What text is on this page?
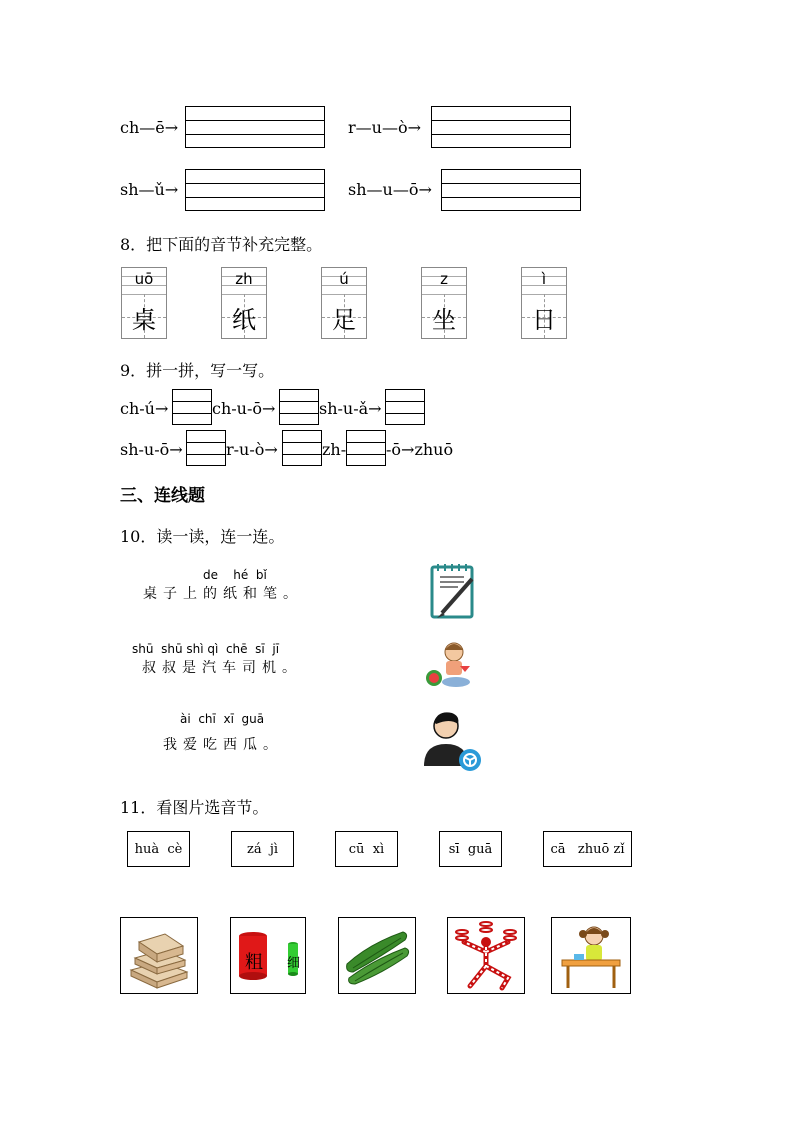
ch—ē→	r—u—ò→
sh—ǔ→	sh—u—ō→
8．把下面的音节补充完整。
uō
桌
zh
纸
ú
足
z
坐
ì
日
9．拼一拼，写一写。
ch-ú→	ch-u-ō→	sh-u-ǎ→
sh-u-ō→	r-u-ò→	zh- -ō→zhuō
三、连线题
10．读一读，连一连。
de    hé  bǐ
桌子上的纸和笔。
shū  shū shì qì  chē  sī  jī
叔叔是汽车司机。
ài  chī  xī  guā
我爱吃西瓜。
11．看图片选音节。
huà  cè	zá  jì	cū  xì	sī  guā	cā   zhuō zǐ
粗 细
